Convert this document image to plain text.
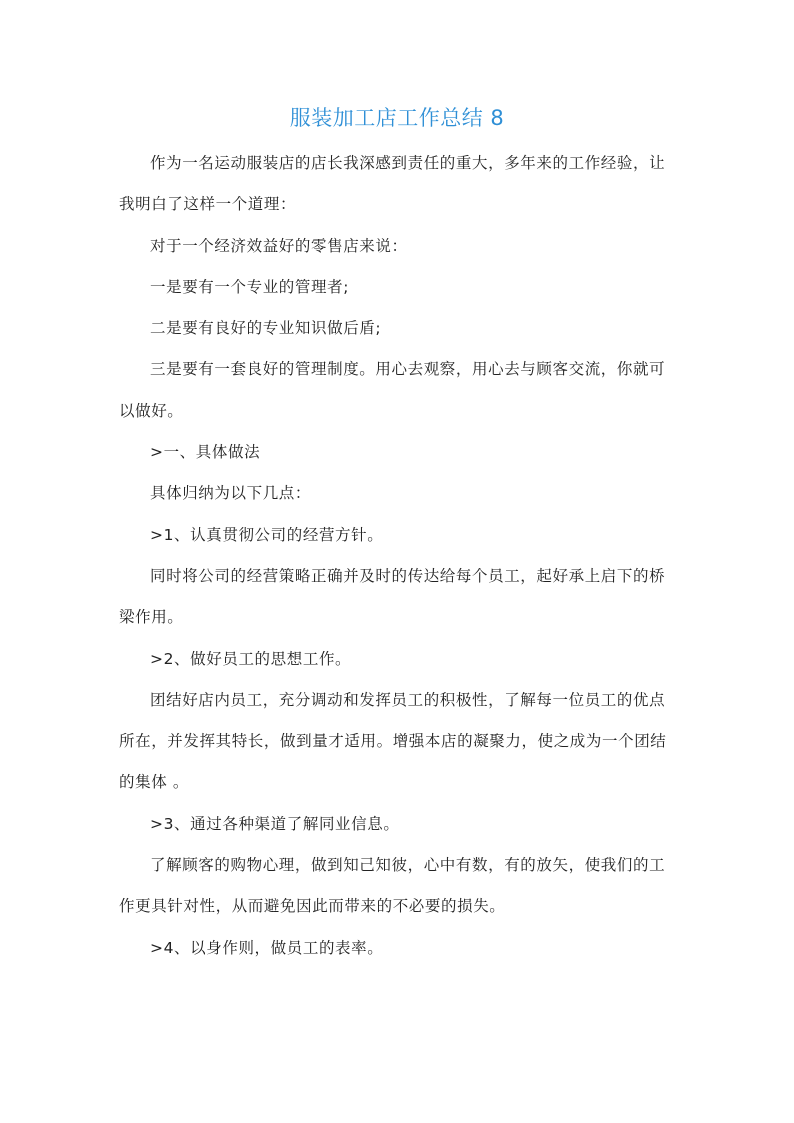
服装加工店工作总结 8

作为一名运动服装店的店长我深感到责任的重大，多年来的工作经验，让我明白了这样一个道理：

对于一个经济效益好的零售店来说：

一是要有一个专业的管理者;

二是要有良好的专业知识做后盾;

三是要有一套良好的管理制度。用心去观察，用心去与顾客交流，你就可以做好。

>一、具体做法

具体归纳为以下几点：

>1、认真贯彻公司的经营方针。

同时将公司的经营策略正确并及时的传达给每个员工，起好承上启下的桥梁作用。

>2、做好员工的思想工作。

团结好店内员工，充分调动和发挥员工的积极性，了解每一位员工的优点所在，并发挥其特长，做到量才适用。增强本店的凝聚力，使之成为一个团结的集体 。

>3、通过各种渠道了解同业信息。

了解顾客的购物心理，做到知己知彼，心中有数，有的放矢，使我们的工作更具针对性，从而避免因此而带来的不必要的损失。

>4、以身作则，做员工的表率。
